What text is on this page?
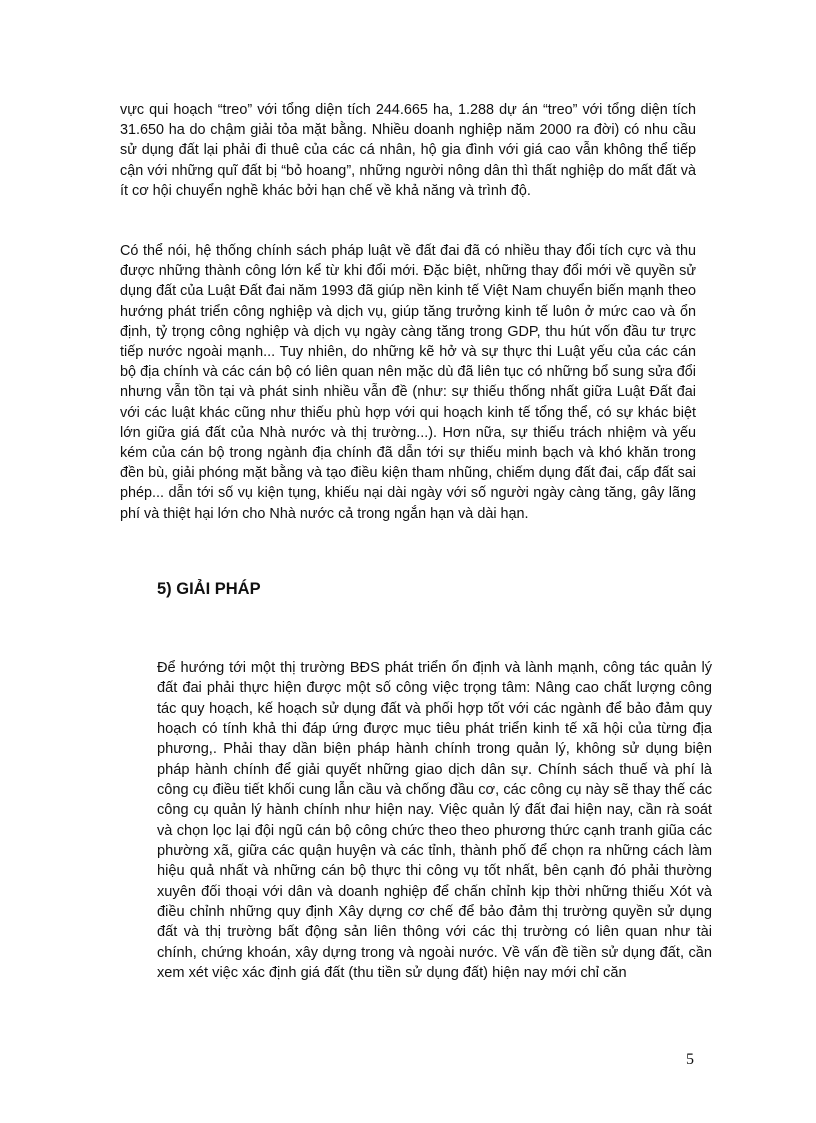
vực qui hoạch “treo” với tổng diện tích 244.665 ha, 1.288 dự án “treo” với tổng diện tích 31.650 ha do chậm giải tỏa mặt bằng. Nhiều doanh nghiệp năm 2000 ra đời) có nhu cầu sử dụng đất lại phải đi thuê của các cá nhân, hộ gia đình với giá cao vẫn không thể tiếp cận với những quĩ đất bị “bỏ hoang”, những người nông dân thì thất nghiệp do mất đất và ít cơ hội chuyển nghề khác bởi hạn chế về khả năng và trình độ.

Có thể nói, hệ thống chính sách pháp luật về đất đai đã có nhiều thay đổi tích cực và thu được những thành công lớn kể từ khi đổi mới. Đặc biệt, những thay đổi mới về quyền sử dụng đất của Luật Đất đai năm 1993 đã giúp nền kinh tế Việt Nam chuyển biến mạnh theo hướng phát triển công nghiệp và dịch vụ, giúp tăng trưởng kinh tế luôn ở mức cao và ổn định, tỷ trọng công nghiệp và dịch vụ ngày càng tăng trong GDP, thu hút vốn đầu tư trực tiếp nước ngoài mạnh... Tuy nhiên, do những kẽ hở và sự thực thi Luật yếu của các cán bộ địa chính và các cán bộ có liên quan nên mặc dù đã liên tục có những bổ sung sửa đổi nhưng vẫn tồn tại và phát sinh nhiều vẫn đề (như: sự thiếu thống nhất giữa Luật Đất đai với các luật khác cũng như thiếu phù hợp với qui hoạch kinh tế tổng thể, có sự khác biệt lớn giữa giá đất của Nhà nước và thị trường...). Hơn nữa, sự thiếu trách nhiệm và yếu kém của cán bộ trong ngành địa chính đã dẫn tới sự thiếu minh bạch và khó khăn trong đền bù, giải phóng mặt bằng và tạo điều kiện tham nhũng, chiếm dụng đất đai, cấp đất sai phép... dẫn tới số vụ kiện tụng, khiếu nại dài ngày với số người ngày càng tăng, gây lãng phí và thiệt hại lớn cho Nhà nước cả trong ngắn hạn và dài hạn.

5) GIẢI PHÁP

Để hướng tới một thị trường BĐS phát triển ổn định và lành mạnh, công tác quản lý đất đai phải thực hiện được một số công việc trọng tâm: Nâng cao chất lượng công tác quy hoạch, kế hoạch sử dụng đất và phối hợp tốt với các ngành để bảo đảm quy hoạch có tính khả thi đáp ứng được mục tiêu phát triển kinh tế xã hội của từng địa phương,. Phải thay dần biện pháp hành chính trong quản lý, không sử dụng biện pháp hành chính để giải quyết những giao dịch dân sự. Chính sách thuế và phí là công cụ điều tiết khối cung lẫn cầu và chống đầu cơ, các công cụ này sẽ thay thế các công cụ quản lý hành chính như hiện nay. Việc quản lý đất đai hiện nay, cần rà soát và chọn lọc lại đội ngũ cán bộ công chức theo theo phương thức cạnh tranh giũa các phường xã, giữa các quận huyện và các tỉnh, thành phố để chọn ra những cách làm hiệu quả nhất và những cán bộ thực thi công vụ tốt nhất, bên cạnh đó phải thường xuyên đối thoại với dân và doanh nghiệp để chấn chỉnh kịp thời những thiếu Xót và điều chỉnh những quy định Xây dựng cơ chế để bảo đảm thị trường quyền sử dụng đất và thị trường bất động sản liên thông với các thị trường có liên quan như tài chính, chứng khoán, xây dựng trong và ngoài nước. Về vấn đề tiền sử dụng đất, cần xem xét việc xác định giá đất (thu tiền sử dụng đất) hiện nay mới chỉ căn

5
